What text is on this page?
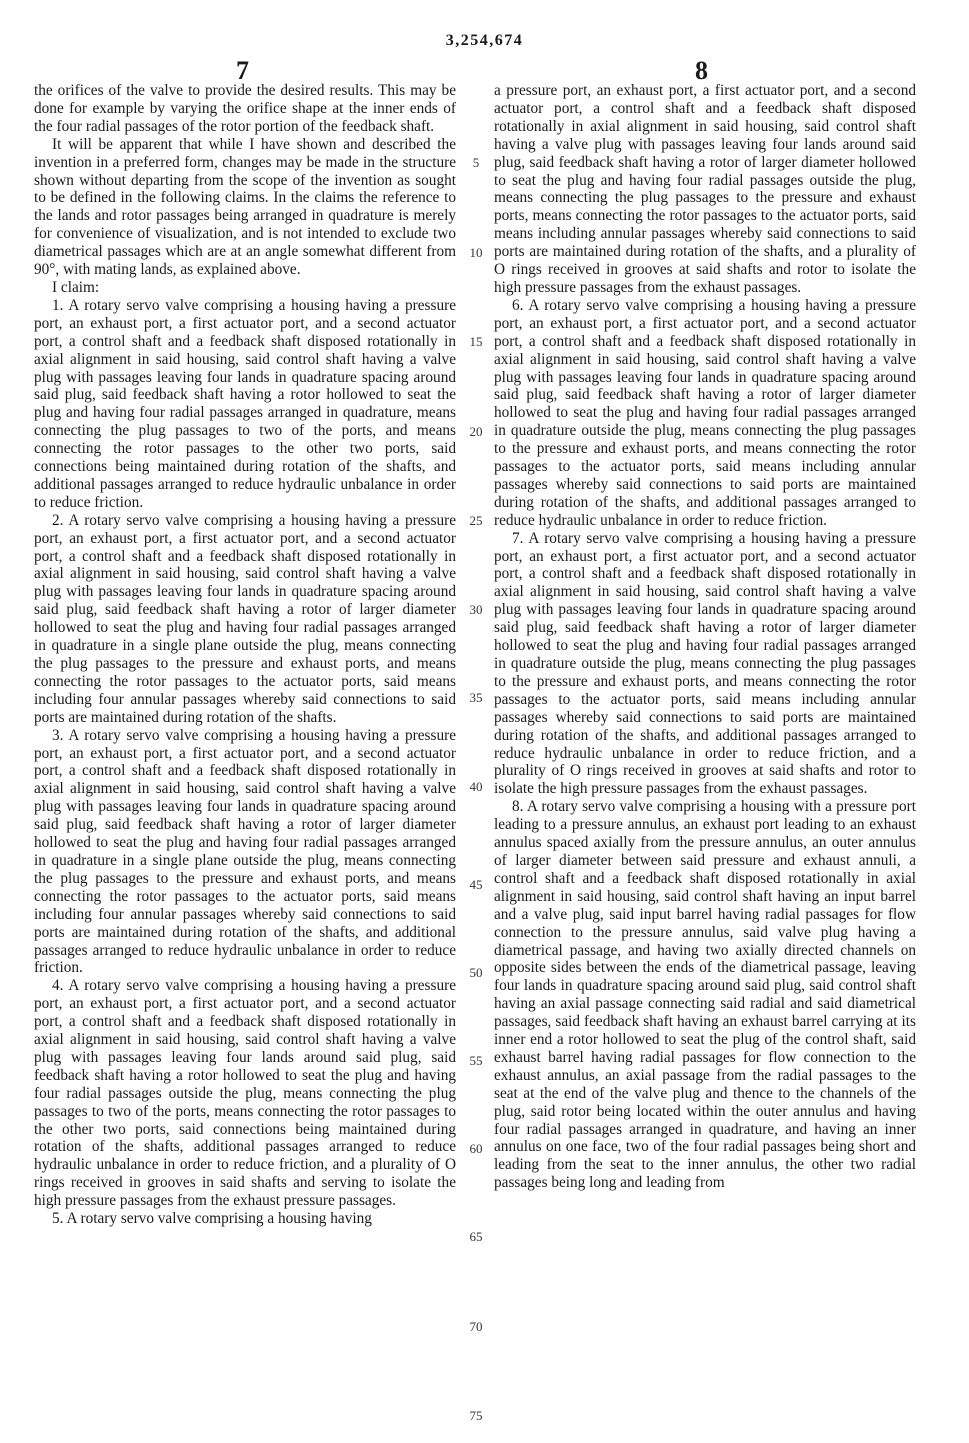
3,254,674
7	8

the orifices of the valve to provide the desired results. This may be done for example by varying the orifice shape at the inner ends of the four radial passages of the rotor portion of the feedback shaft.

It will be apparent that while I have shown and described the invention in a preferred form, changes may be made in the structure shown without departing from the scope of the invention as sought to be defined in the following claims. In the claims the reference to the lands and rotor passages being arranged in quadrature is merely for convenience of visualization, and is not intended to exclude two diametrical passages which are at an angle somewhat different from 90°, with mating lands, as explained above.

I claim:

1. A rotary servo valve comprising a housing having a pressure port, an exhaust port, a first actuator port, and a second actuator port, a control shaft and a feedback shaft disposed rotationally in axial alignment in said housing, said control shaft having a valve plug with passages leaving four lands in quadrature spacing around said plug, said feedback shaft having a rotor hollowed to seat the plug and having four radial passages arranged in quadrature, means connecting the plug passages to two of the ports, and means connecting the rotor passages to the other two ports, said connections being maintained during rotation of the shafts, and additional passages arranged to reduce hydraulic unbalance in order to reduce friction.

2. A rotary servo valve comprising a housing having a pressure port, an exhaust port, a first actuator port, and a second actuator port, a control shaft and a feedback shaft disposed rotationally in axial alignment in said housing, said control shaft having a valve plug with passages leaving four lands in quadrature spacing around said plug, said feedback shaft having a rotor of larger diameter hollowed to seat the plug and having four radial passages arranged in quadrature in a single plane outside the plug, means connecting the plug passages to the pressure and exhaust ports, and means connecting the rotor passages to the actuator ports, said means including four annular passages whereby said connections to said ports are maintained during rotation of the shafts.

3. A rotary servo valve comprising a housing having a pressure port, an exhaust port, a first actuator port, and a second actuator port, a control shaft and a feedback shaft disposed rotationally in axial alignment in said housing, said control shaft having a valve plug with passages leaving four lands in quadrature spacing around said plug, said feedback shaft having a rotor of larger diameter hollowed to seat the plug and having four radial passages arranged in quadrature in a single plane outside the plug, means connecting the plug passages to the pressure and exhaust ports, and means connecting the rotor passages to the actuator ports, said means including four annular passages whereby said connections to said ports are maintained during rotation of the shafts, and additional passages arranged to reduce hydraulic unbalance in order to reduce friction.

4. A rotary servo valve comprising a housing having a pressure port, an exhaust port, a first actuator port, and a second actuator port, a control shaft and a feedback shaft disposed rotationally in axial alignment in said housing, said control shaft having a valve plug with passages leaving four lands around said plug, said feedback shaft having a rotor hollowed to seat the plug and having four radial passages outside the plug, means connecting the plug passages to two of the ports, means connecting the rotor passages to the other two ports, said connections being maintained during rotation of the shafts, additional passages arranged to reduce hydraulic unbalance in order to reduce friction, and a plurality of O rings received in grooves in said shafts and serving to isolate the high pressure passages from the exhaust pressure passages.

5. A rotary servo valve comprising a housing having

a pressure port, an exhaust port, a first actuator port, and a second actuator port, a control shaft and a feedback shaft disposed rotationally in axial alignment in said housing, said control shaft having a valve plug with passages leaving four lands around said plug, said feedback shaft having a rotor of larger diameter hollowed to seat the plug and having four radial passages outside the plug, means connecting the plug passages to the pressure and exhaust ports, means connecting the rotor passages to the actuator ports, said means including annular passages whereby said connections to said ports are maintained during rotation of the shafts, and a plurality of O rings received in grooves at said shafts and rotor to isolate the high pressure passages from the exhaust passages.

6. A rotary servo valve comprising a housing having a pressure port, an exhaust port, a first actuator port, and a second actuator port, a control shaft and a feedback shaft disposed rotationally in axial alignment in said housing, said control shaft having a valve plug with passages leaving four lands in quadrature spacing around said plug, said feedback shaft having a rotor of larger diameter hollowed to seat the plug and having four radial passages arranged in quadrature outside the plug, means connecting the plug passages to the pressure and exhaust ports, and means connecting the rotor passages to the actuator ports, said means including annular passages whereby said connections to said ports are maintained during rotation of the shafts, and additional passages arranged to reduce hydraulic unbalance in order to reduce friction.

7. A rotary servo valve comprising a housing having a pressure port, an exhaust port, a first actuator port, and a second actuator port, a control shaft and a feedback shaft disposed rotationally in axial alignment in said housing, said control shaft having a valve plug with passages leaving four lands in quadrature spacing around said plug, said feedback shaft having a rotor of larger diameter hollowed to seat the plug and having four radial passages arranged in quadrature outside the plug, means connecting the plug passages to the pressure and exhaust ports, and means connecting the rotor passages to the actuator ports, said means including annular passages whereby said connections to said ports are maintained during rotation of the shafts, and additional passages arranged to reduce hydraulic unbalance in order to reduce friction, and a plurality of O rings received in grooves at said shafts and rotor to isolate the high pressure passages from the exhaust passages.

8. A rotary servo valve comprising a housing with a pressure port leading to a pressure annulus, an exhaust port leading to an exhaust annulus spaced axially from the pressure annulus, an outer annulus of larger diameter between said pressure and exhaust annuli, a control shaft and a feedback shaft disposed rotationally in axial alignment in said housing, said control shaft having an input barrel and a valve plug, said input barrel having radial passages for flow connection to the pressure annulus, said valve plug having a diametrical passage, and having two axially directed channels on opposite sides between the ends of the diametrical passage, leaving four lands in quadrature spacing around said plug, said control shaft having an axial passage connecting said radial and said diametrical passages, said feedback shaft having an exhaust barrel carrying at its inner end a rotor hollowed to seat the plug of the control shaft, said exhaust barrel having radial passages for flow connection to the exhaust annulus, an axial passage from the radial passages to the seat at the end of the valve plug and thence to the channels of the plug, said rotor being located within the outer annulus and having four radial passages arranged in quadrature, and having an inner annulus on one face, two of the four radial passages being short and leading from the seat to the inner annulus, the other two radial passages being long and leading from

5
10
15
20
25
30
35
40
45
50
55
60
65
70
75
